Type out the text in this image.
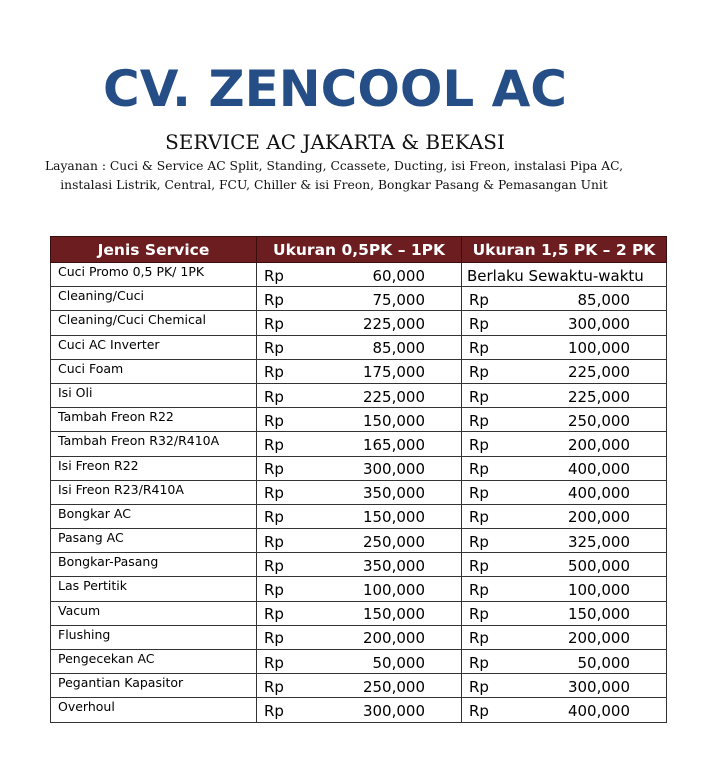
CV. ZENCOOL AC
SERVICE AC JAKARTA & BEKASI
Layanan : Cuci & Service AC Split, Standing, Ccassete, Ducting, isi Freon, instalasi Pipa AC, instalasi Listrik, Central, FCU, Chiller & isi Freon, Bongkar Pasang & Pemasangan Unit
Jenis Service	Ukuran 0,5PK – 1PK	Ukuran 1,5 PK – 2 PK
Cuci Promo 0,5 PK/ 1PK	Rp 60,000	Berlaku Sewaktu-waktu

Cleaning/Cuci	Rp 75,000	Rp 85,000

Cleaning/Cuci Chemical	Rp 225,000	Rp 300,000

Cuci AC Inverter	Rp 85,000	Rp 100,000

Cuci Foam	Rp 175,000	Rp 225,000

Isi Oli	Rp 225,000	Rp 225,000

Tambah Freon R22	Rp 150,000	Rp 250,000

Tambah Freon R32/R410A	Rp 165,000	Rp 200,000

Isi Freon R22	Rp 300,000	Rp 400,000

Isi Freon R23/R410A	Rp 350,000	Rp 400,000

Bongkar AC	Rp 150,000	Rp 200,000

Pasang AC	Rp 250,000	Rp 325,000

Bongkar-Pasang	Rp 350,000	Rp 500,000

Las Pertitik	Rp 100,000	Rp 100,000

Vacum	Rp 150,000	Rp 150,000

Flushing	Rp 200,000	Rp 200,000

Pengecekan AC	Rp 50,000	Rp 50,000

Pegantian Kapasitor	Rp 250,000	Rp 300,000

Overhoul	Rp 300,000	Rp 400,000
